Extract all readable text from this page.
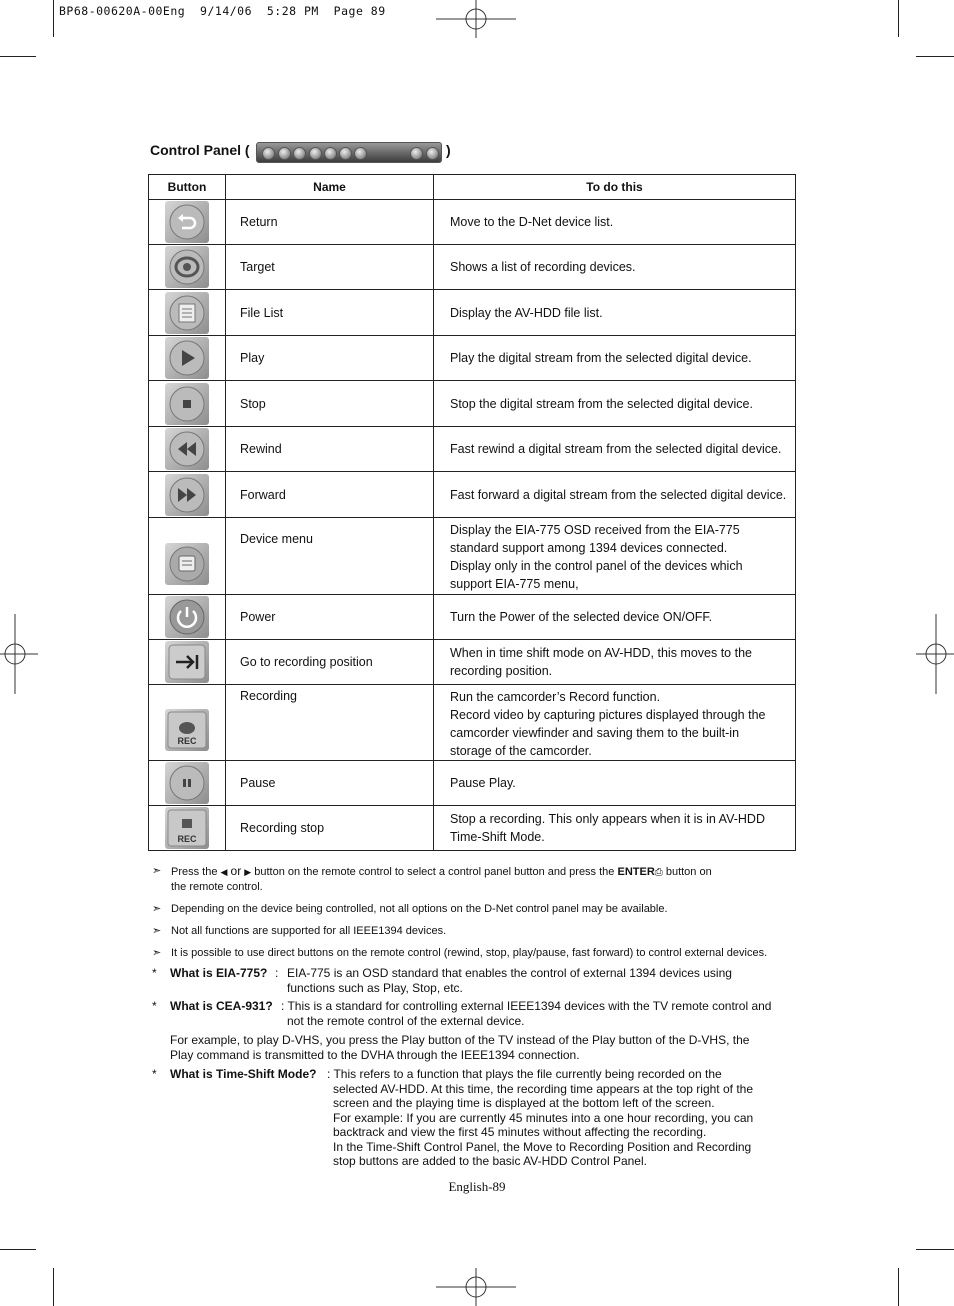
BP68-00620A-00Eng  9/14/06  5:28 PM  Page 89
Control Panel (	)
Button	Name	To do this

	Return	Move to the D-Net device list.

	Target	Shows a list of recording devices.

	File List	Display the AV-HDD file list.

	Play	Play the digital stream from the selected digital device.

	Stop	Stop the digital stream from the selected digital device.

	Rewind	Fast rewind a digital stream from the selected digital device.

	Forward	Fast forward a digital stream from the selected digital device.

	Device menu	Display the EIA-775 OSD received from the EIA-775
standard support among 1394 devices connected.
Display only in the control panel of the devices which
support EIA-775 menu,

	Power	Turn the Power of the selected device ON/OFF.

	Go to recording position	When in time shift mode on AV-HDD, this moves to the
recording position.

REC	Recording	Run the camcorder’s Record function.
Record video by capturing pictures displayed through the
camcorder viewfinder and saving them to the built-in
storage of the camcorder.

	Pause	Pause Play.

REC	Recording stop	Stop a recording. This only appears when it is in AV-HDD
Time-Shift Mode.
➣ Press the ◀ or ▶ button on the remote control to select a control panel button and press the ENTER⎙ button on
the remote control.
➣ Depending on the device being controlled, not all options on the D-Net control panel may be available.
➣ Not all functions are supported for all IEEE1394 devices.
➣ It is possible to use direct buttons on the remote control (rewind, stop, play/pause, fast forward) to control external devices.
* What is EIA-775? : EIA-775 is an OSD standard that enables the control of external 1394 devices using
functions such as Play, Stop, etc.
* What is CEA-931? : This is a standard for controlling external IEEE1394 devices with the TV remote control and
not the remote control of the external device.
For example, to play D-VHS, you press the Play button of the TV instead of the Play button of the D-VHS, the
Play command is transmitted to the DVHA through the IEEE1394 connection.
* What is Time-Shift Mode? : This refers to a function that plays the file currently being recorded on the
selected AV-HDD. At this time, the recording time appears at the top right of the
screen and the playing time is displayed at the bottom left of the screen.
For example: If you are currently 45 minutes into a one hour recording, you can
backtrack and view the first 45 minutes without affecting the recording.
In the Time-Shift Control Panel, the Move to Recording Position and Recording
stop buttons are added to the basic AV-HDD Control Panel.
English-89
